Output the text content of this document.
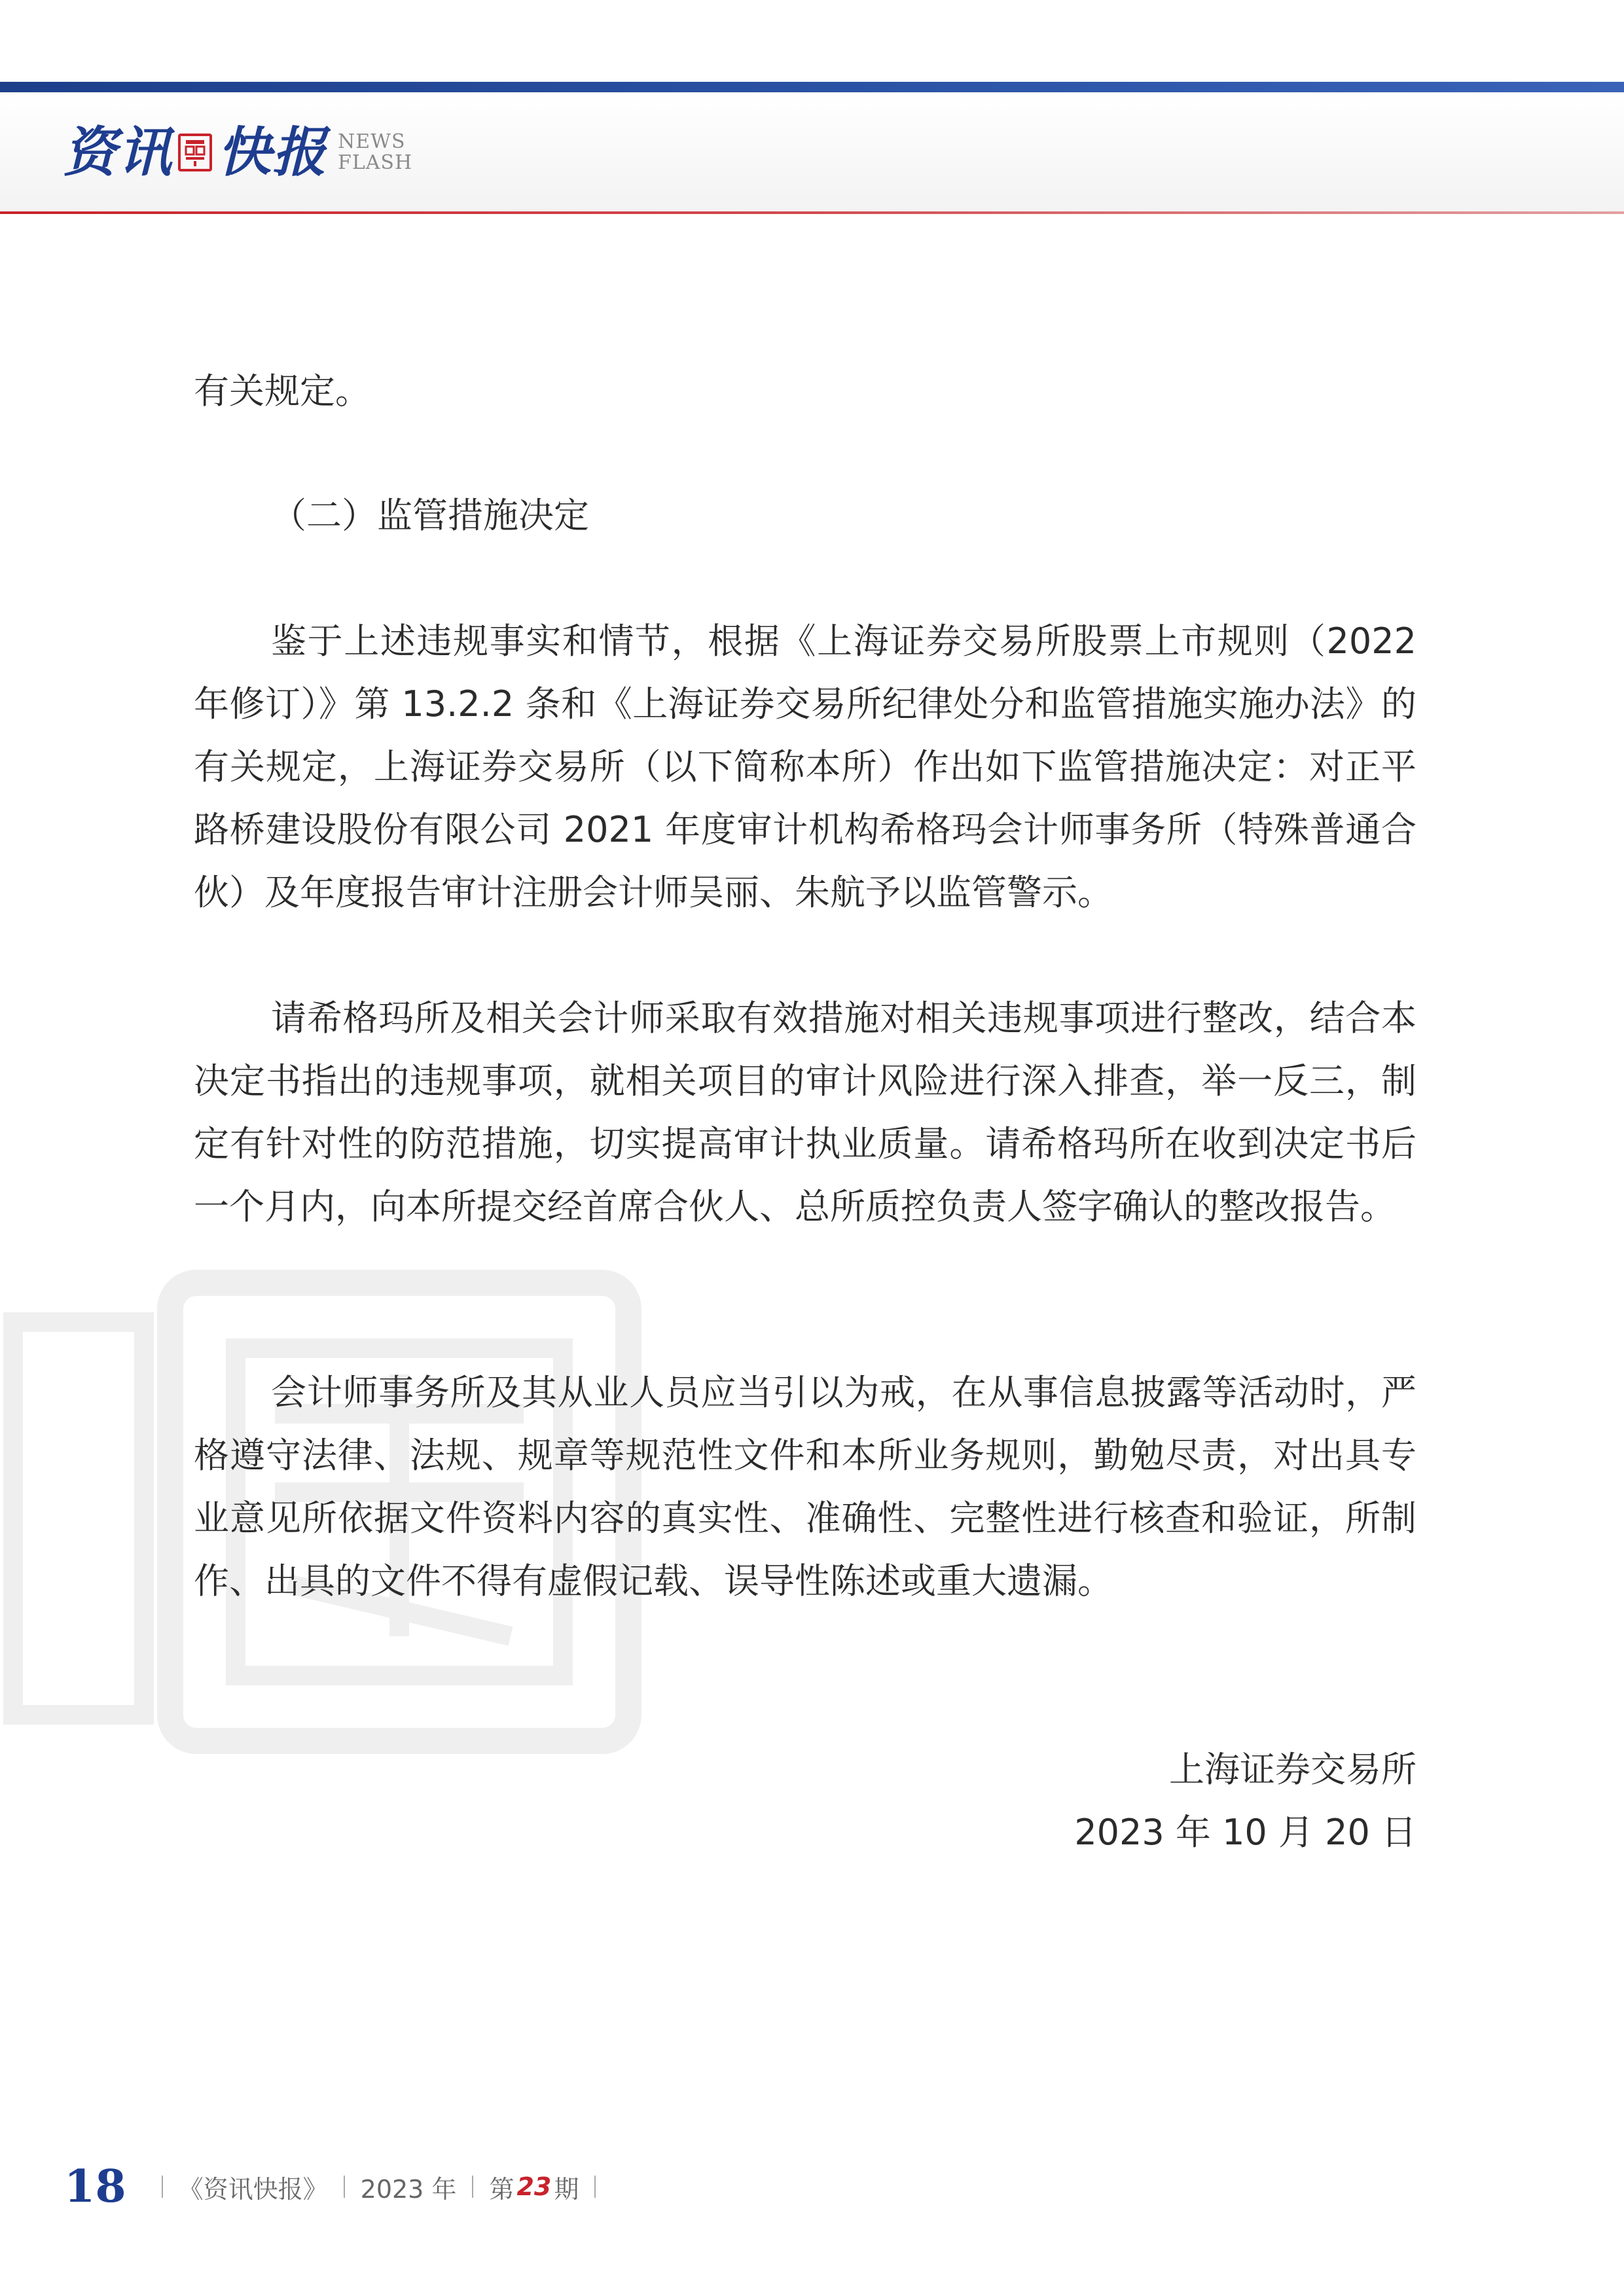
资讯 快报 NEWS
FLASH

有关规定。

（二）监管措施决定

鉴于上述违规事实和情节，根据《上海证券交易所股票上市规则（2022年修订）》第 13.2.2 条和《上海证券交易所纪律处分和监管措施实施办法》的有关规定，上海证券交易所（以下简称本所）作出如下监管措施决定：对正平路桥建设股份有限公司 2021 年度审计机构希格玛会计师事务所（特殊普通合伙）及年度报告审计注册会计师吴丽、朱航予以监管警示。

请希格玛所及相关会计师采取有效措施对相关违规事项进行整改，结合本决定书指出的违规事项，就相关项目的审计风险进行深入排查，举一反三，制定有针对性的防范措施，切实提高审计执业质量。请希格玛所在收到决定书后一个月内，向本所提交经首席合伙人、总所质控负责人签字确认的整改报告。

会计师事务所及其从业人员应当引以为戒，在从事信息披露等活动时，严格遵守法律、法规、规章等规范性文件和本所业务规则，勤勉尽责，对出具专业意见所依据文件资料内容的真实性、准确性、完整性进行核查和验证，所制作、出具的文件不得有虚假记载、误导性陈述或重大遗漏。

上海证券交易所
2023 年 10 月 20 日
18 《资讯快报》 2023 年 第 23 期
